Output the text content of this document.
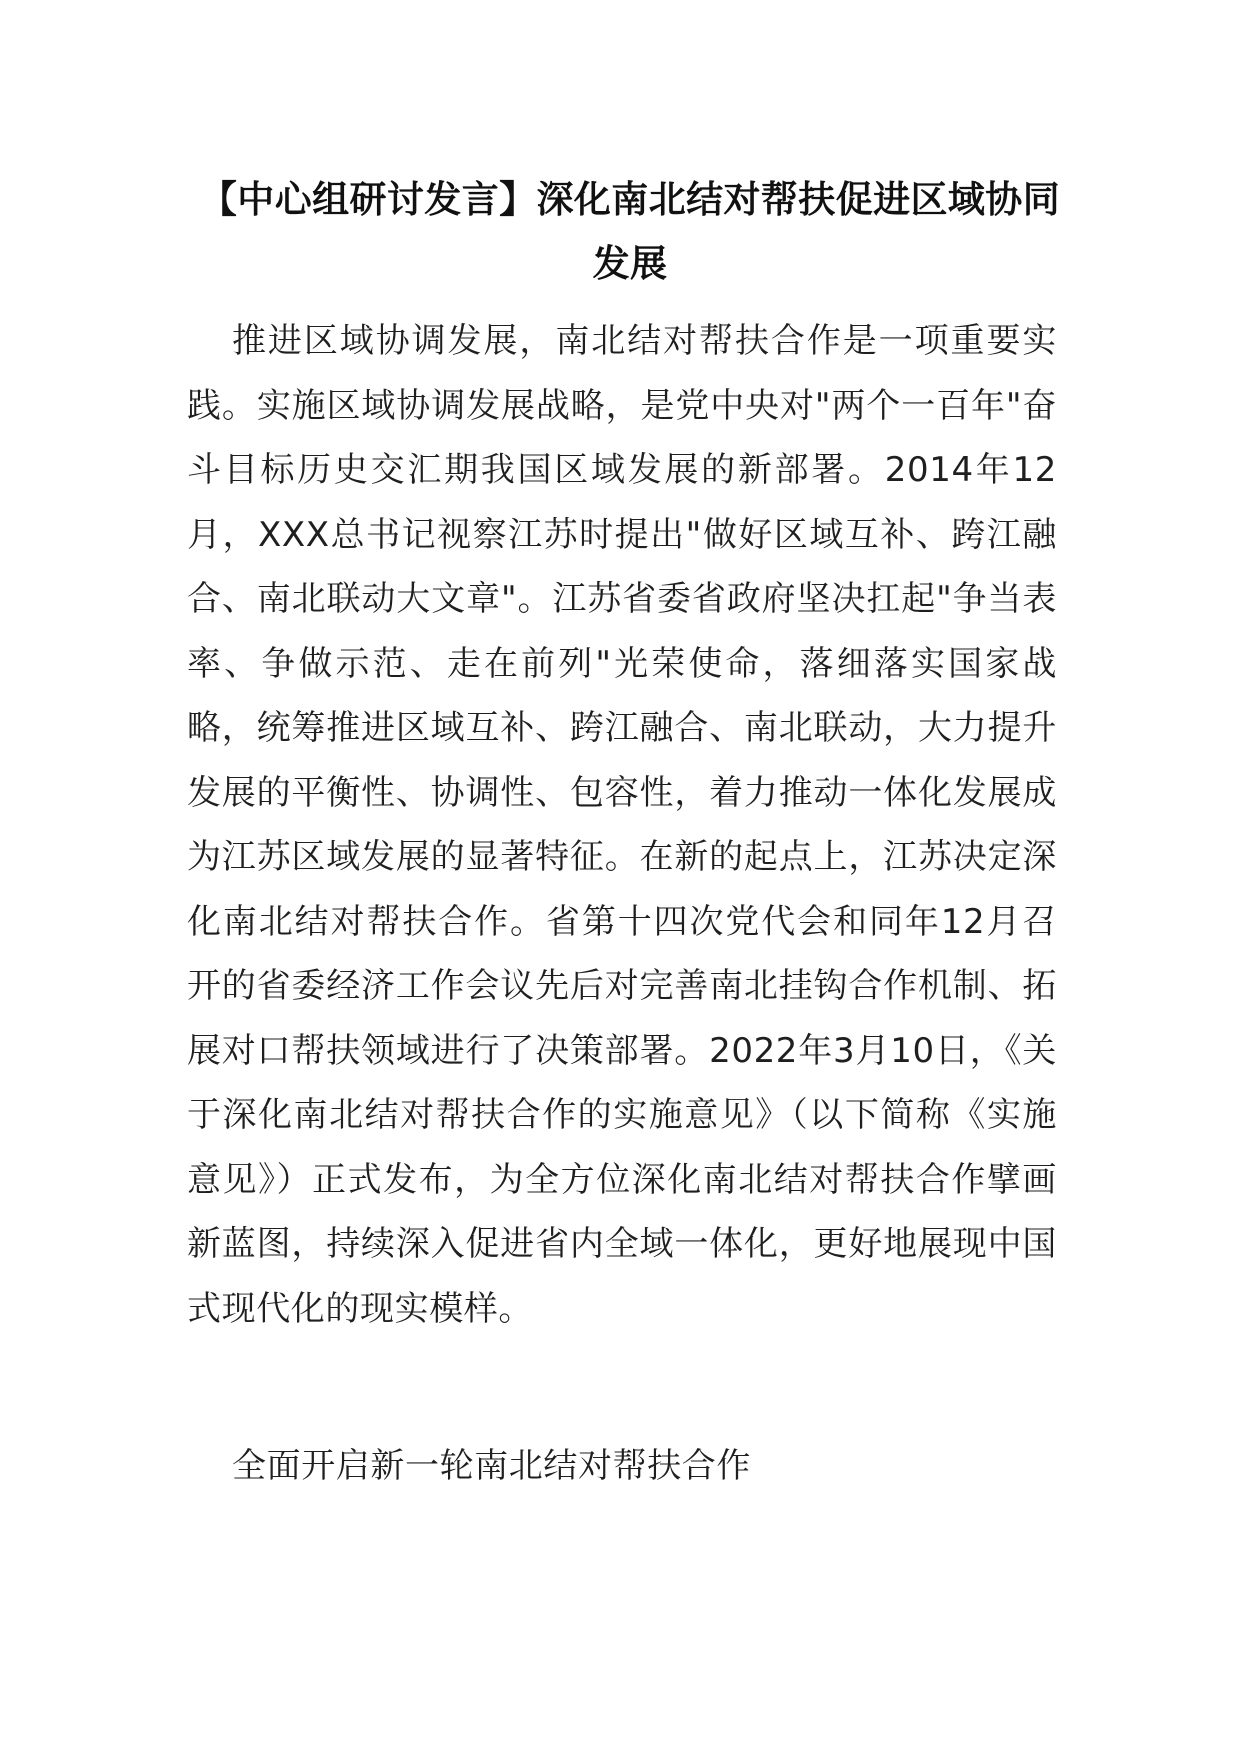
【中心组研讨发言】深化南北结对帮扶促进区域协同发展

推进区域协调发展，南北结对帮扶合作是一项重要实践。实施区域协调发展战略，是党中央对"两个一百年"奋斗目标历史交汇期我国区域发展的新部署。2014年12月，XXX总书记视察江苏时提出"做好区域互补、跨江融合、南北联动大文章"。江苏省委省政府坚决扛起"争当表率、争做示范、走在前列"光荣使命，落细落实国家战略，统筹推进区域互补、跨江融合、南北联动，大力提升发展的平衡性、协调性、包容性，着力推动一体化发展成为江苏区域发展的显著特征。在新的起点上，江苏决定深化南北结对帮扶合作。省第十四次党代会和同年12月召开的省委经济工作会议先后对完善南北挂钩合作机制、拓展对口帮扶领域进行了决策部署。2022年3月10日，《关于深化南北结对帮扶合作的实施意见》（以下简称《实施意见》）正式发布，为全方位深化南北结对帮扶合作擘画新蓝图，持续深入促进省内全域一体化，更好地展现中国式现代化的现实模样。

全面开启新一轮南北结对帮扶合作
